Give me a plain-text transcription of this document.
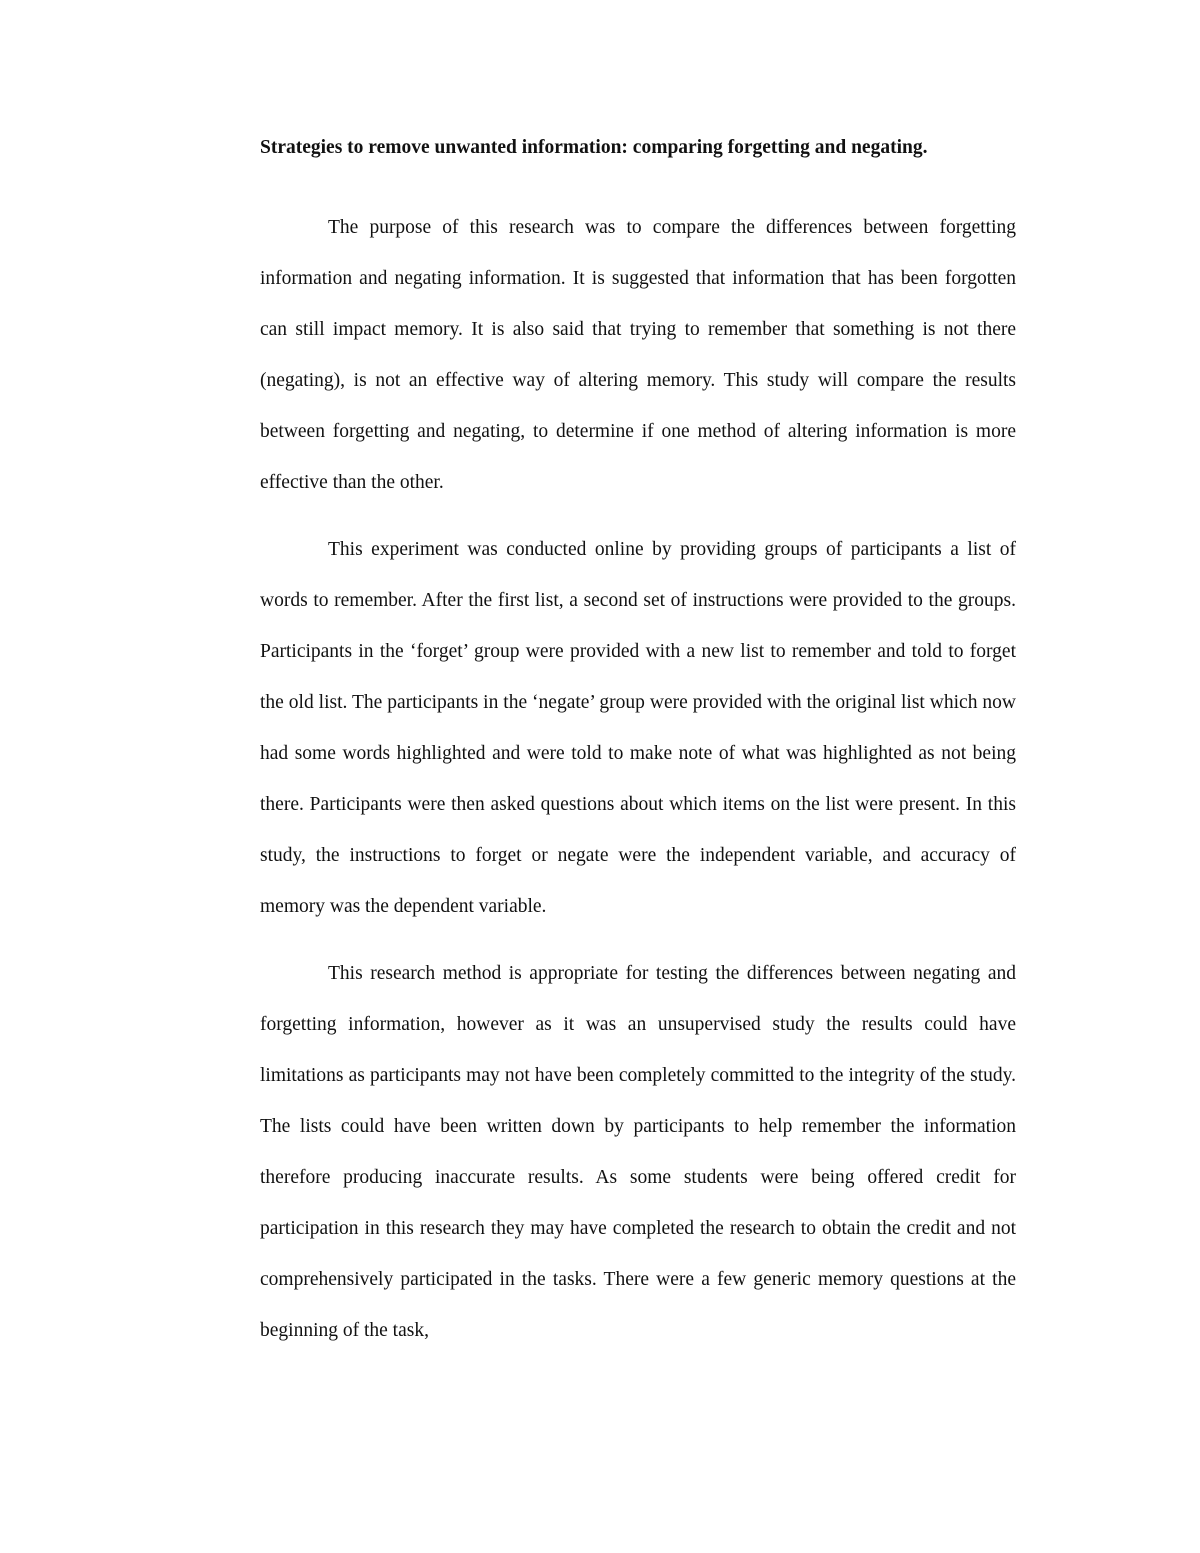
Strategies to remove unwanted information: comparing forgetting and negating.

The purpose of this research was to compare the differences between forgetting information and negating information. It is suggested that information that has been forgotten can still impact memory. It is also said that trying to remember that something is not there (negating), is not an effective way of altering memory. This study will compare the results between forgetting and negating, to determine if one method of altering information is more effective than the other.

This experiment was conducted online by providing groups of participants a list of words to remember. After the first list, a second set of instructions were provided to the groups. Participants in the ‘forget’ group were provided with a new list to remember and told to forget the old list. The participants in the ‘negate’ group were provided with the original list which now had some words highlighted and were told to make note of what was highlighted as not being there. Participants were then asked questions about which items on the list were present. In this study, the instructions to forget or negate were the independent variable, and accuracy of memory was the dependent variable.

This research method is appropriate for testing the differences between negating and forgetting information, however as it was an unsupervised study the results could have limitations as participants may not have been completely committed to the integrity of the study. The lists could have been written down by participants to help remember the information therefore producing inaccurate results. As some students were being offered credit for participation in this research they may have completed the research to obtain the credit and not comprehensively participated in the tasks. There were a few generic memory questions at the beginning of the task,
